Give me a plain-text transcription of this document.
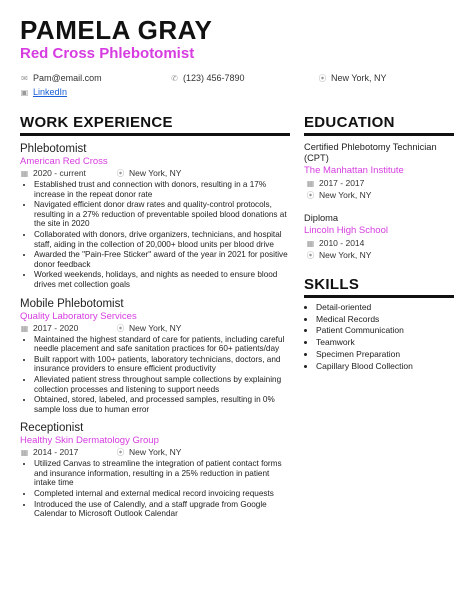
PAMELA GRAY
Red Cross Phlebotomist
✉ Pam@email.com	✆ (123) 456-7890	⦿ New York, NY
▣ LinkedIn
WORK EXPERIENCE
Phlebotomist
American Red Cross
▦ 2020 - current	⦿ New York, NY
• Established trust and connection with donors, resulting in a 17% increase in the repeat donor rate
• Navigated efficient donor draw rates and quality-control protocols, resulting in a 27% reduction of preventable spoiled blood donations at the site in 2020
• Collaborated with donors, drive organizers, technicians, and hospital staff, aiding in the collection of 20,000+ blood units per blood drive
• Awarded the "Pain-Free Sticker" award of the year in 2021 for positive donor feedback
• Worked weekends, holidays, and nights as needed to ensure blood drives met collection goals
Mobile Phlebotomist
Quality Laboratory Services
▦ 2017 - 2020	⦿ New York, NY
• Maintained the highest standard of care for patients, including careful needle placement and safe sanitation practices for 60+ patients/day
• Built rapport with 100+ patients, laboratory technicians, doctors, and insurance providers to ensure efficient productivity
• Alleviated patient stress throughout sample collections by explaining collection processes and listening to support needs
• Obtained, stored, labeled, and processed samples, resulting in 0% sample loss due to human error
Receptionist
Healthy Skin Dermatology Group
▦ 2014 - 2017	⦿ New York, NY
• Utilized Canvas to streamline the integration of patient contact forms and insurance information, resulting in a 25% reduction in patient intake time
• Completed internal and external medical record invoicing requests
• Introduced the use of Calendly, and a staff upgrade from Google Calendar to Microsoft Outlook Calendar
EDUCATION
Certified Phlebotomy Technician (CPT)
The Manhattan Institute
▦ 2017 - 2017
⦿ New York, NY
Diploma
Lincoln High School
▦ 2010 - 2014
⦿ New York, NY
SKILLS
• Detail-oriented
• Medical Records
• Patient Communication
• Teamwork
• Specimen Preparation
• Capillary Blood Collection
